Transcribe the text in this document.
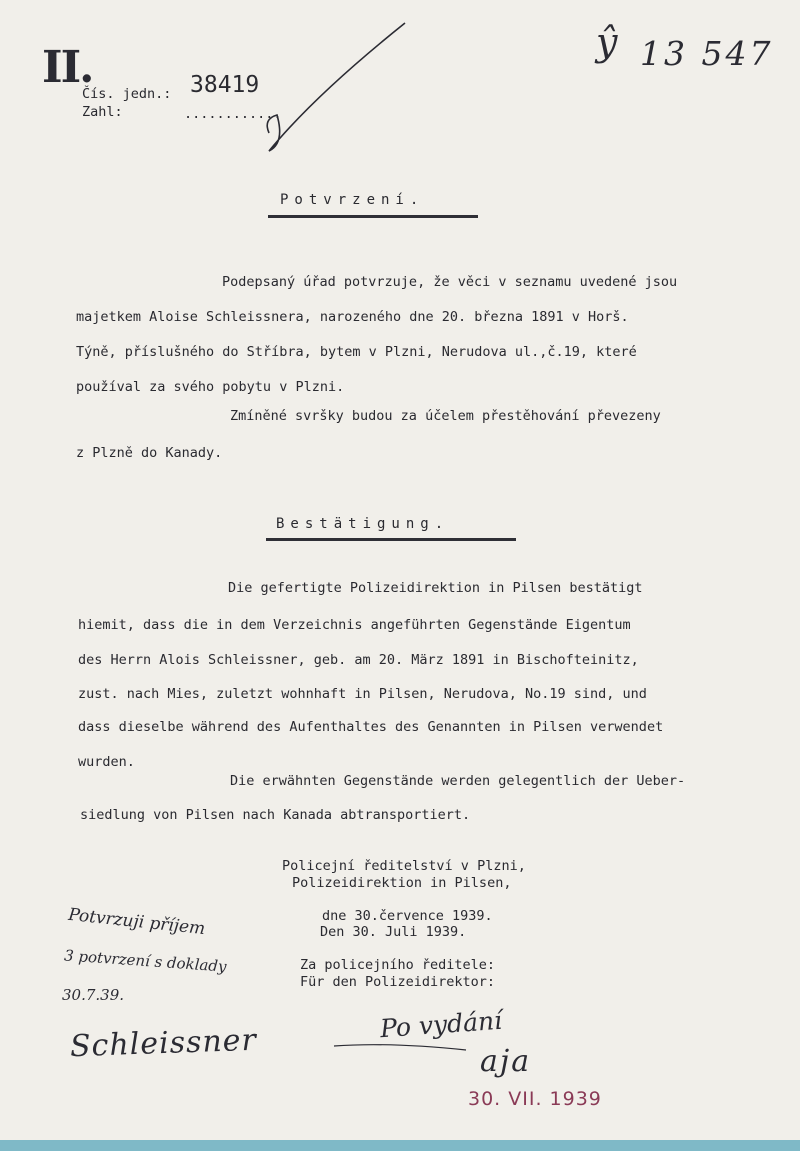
II.
Čís. jedn.: 38419
Zahl:	............
ŷ 13 547
Potvrzení.
Podepsaný úřad potvrzuje, že věci v seznamu uvedené jsou
majetkem Aloise Schleissnera, narozeného dne 20. března 1891 v Horš.
Týně, příslušného do Stříbra, bytem v Plzni, Nerudova ul.,č.19, které
používal za svého pobytu v Plzni.
Zmíněné svršky budou za účelem přestěhování převezeny
z Plzně do Kanady.
Bestätigung.
Die gefertigte Polizeidirektion in Pilsen bestätigt
hiemit, dass die in dem Verzeichnis angeführten Gegenstände Eigentum
des Herrn Alois Schleissner, geb. am 20. März 1891 in Bischofteinitz,
zust. nach Mies, zuletzt wohnhaft in Pilsen, Nerudova, No.19 sind, und
dass dieselbe während des Aufenthaltes des Genannten in Pilsen verwendet
wurden.
Die erwähnten Gegenstände werden gelegentlich der Ueber-
siedlung von Pilsen nach Kanada abtransportiert.
Policejní ředitelství v Plzni,
Polizeidirektion in Pilsen,
dne 30.července 1939.
Den 30. Juli 1939.
Za policejního ředitele:
Für den Polizeidirektor:
Potvrzuji příjem
3 potvrzení s doklady
30.7.39.
Schleissner	Po vydání
aja
30. VII. 1939
